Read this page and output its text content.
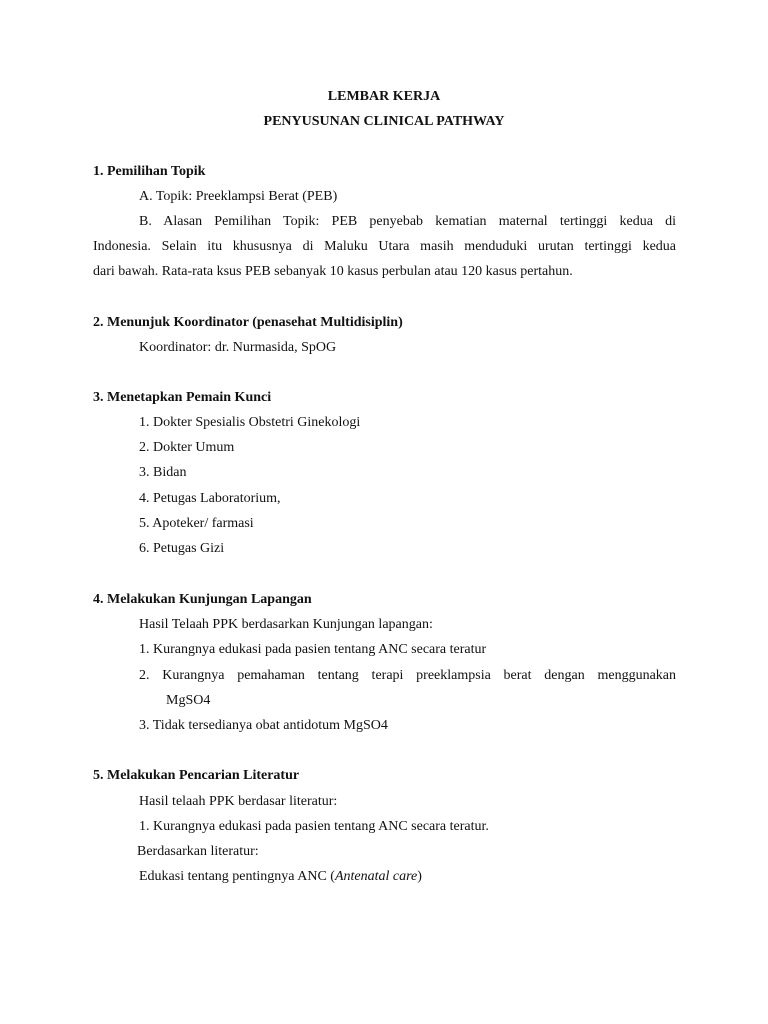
LEMBAR KERJA
PENYUSUNAN CLINICAL PATHWAY
1. Pemilihan Topik
A. Topik: Preeklampsi Berat (PEB)
B. Alasan Pemilihan Topik: PEB penyebab kematian maternal tertinggi kedua di
Indonesia. Selain itu khususnya di Maluku Utara masih menduduki urutan tertinggi kedua
dari bawah. Rata-rata ksus PEB sebanyak 10 kasus perbulan atau 120 kasus pertahun.
2. Menunjuk Koordinator (penasehat Multidisiplin)
Koordinator: dr. Nurmasida, SpOG
3. Menetapkan Pemain Kunci
1. Dokter Spesialis Obstetri Ginekologi
2. Dokter Umum
3. Bidan
4. Petugas Laboratorium,
5. Apoteker/ farmasi
6. Petugas Gizi
4. Melakukan Kunjungan Lapangan
Hasil Telaah PPK berdasarkan Kunjungan lapangan:
1. Kurangnya edukasi pada pasien tentang ANC secara teratur
2. Kurangnya pemahaman tentang terapi preeklampsia berat dengan menggunakan
MgSO4
3. Tidak tersedianya obat antidotum MgSO4
5. Melakukan Pencarian Literatur
Hasil telaah PPK berdasar literatur:
1. Kurangnya edukasi pada pasien tentang ANC secara teratur.
Berdasarkan literatur:
Edukasi tentang pentingnya ANC (Antenatal care)
